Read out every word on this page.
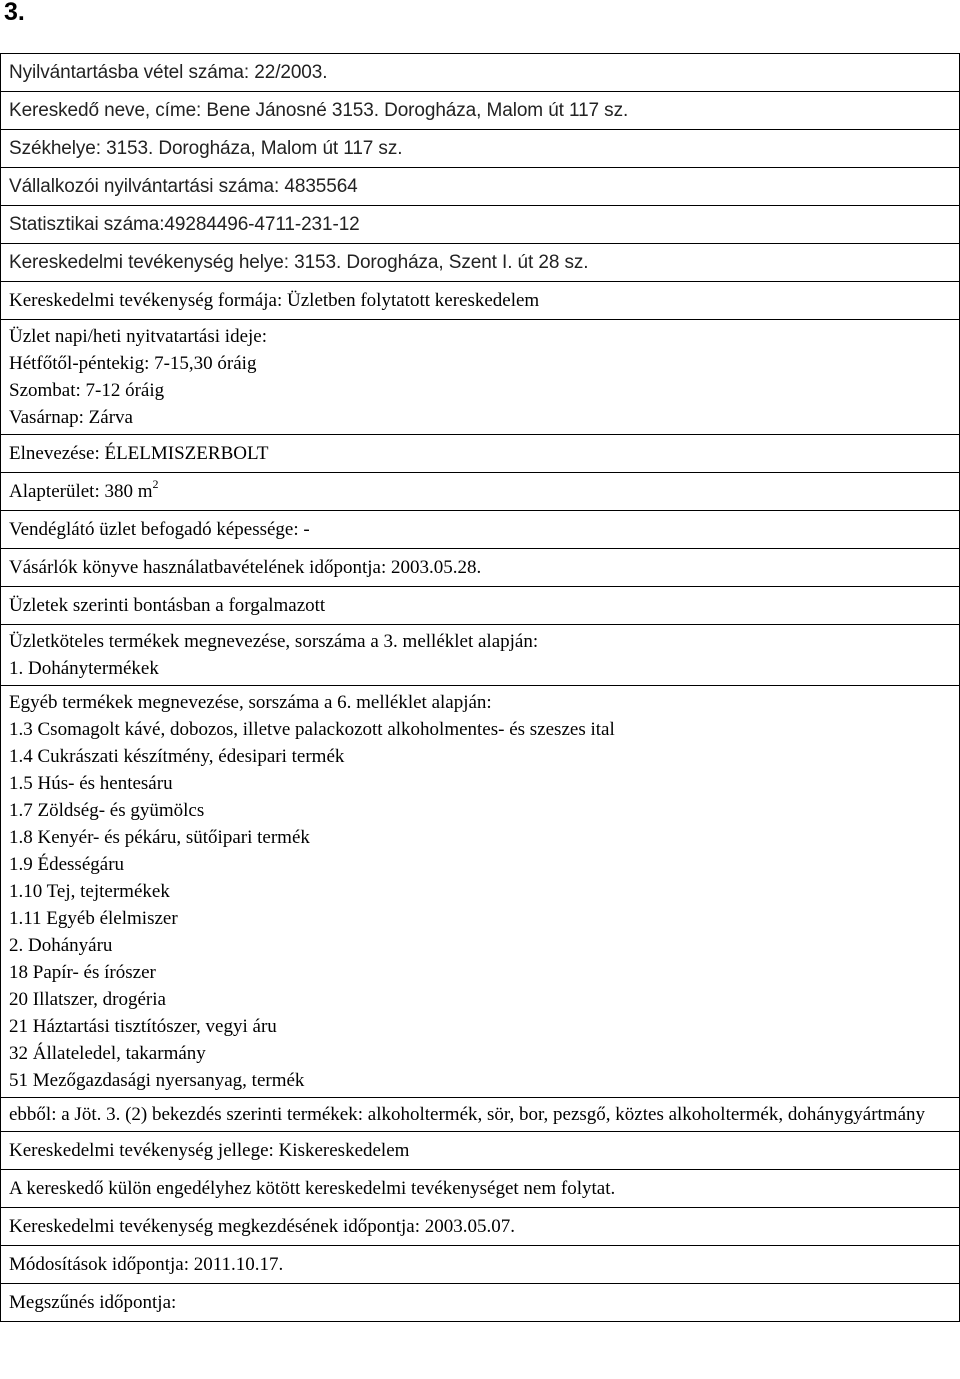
3.
Nyilvántartásba vétel száma: 22/2003.
Kereskedő neve, címe: Bene Jánosné 3153. Dorogháza, Malom út 117 sz.
Székhelye: 3153. Dorogháza, Malom út 117 sz.
Vállalkozói nyilvántartási száma: 4835564
Statisztikai száma:49284496-4711-231-12
Kereskedelmi tevékenység helye: 3153. Dorogháza, Szent I. út 28 sz.
Kereskedelmi tevékenység formája: Üzletben folytatott kereskedelem

Üzlet napi/heti nyitvatartási ideje:
Hétfőtől-péntekig: 7-15,30 óráig
Szombat: 7-12 óráig
Vasárnap: Zárva

Elnevezése: ÉLELMISZERBOLT
Alapterület: 380 $m^2$
Vendéglátó üzlet befogadó képessége: -
Vásárlók könyve használatbavételének időpontja: 2003.05.28.
Üzletek szerinti bontásban a forgalmazott

Üzletköteles termékek megnevezése, sorszáma a 3. melléklet alapján:
1. Dohánytermékek

Egyéb termékek megnevezése, sorszáma a 6. melléklet alapján:
1.3 Csomagolt kávé, dobozos, illetve palackozott alkoholmentes- és szeszes ital
1.4 Cukrászati készítmény, édesipari termék
1.5 Hús- és hentesáru
1.7 Zöldség- és gyümölcs
1.8 Kenyér- és pékáru, sütőipari termék
1.9 Édességáru
1.10 Tej, tejtermékek
1.11 Egyéb élelmiszer
2. Dohányáru
18 Papír- és írószer
20 Illatszer, drogéria
21 Háztartási tisztítószer, vegyi áru
32 Állateledel, takarmány
51 Mezőgazdasági nyersanyag, termék

ebből: a Jöt. 3. (2) bekezdés szerinti termékek: alkoholtermék, sör, bor, pezsgő, köztes alkoholtermék, dohánygyártmány

Kereskedelmi tevékenység jellege: Kiskereskedelem
A kereskedő külön engedélyhez kötött kereskedelmi tevékenységet nem folytat.
Kereskedelmi tevékenység megkezdésének időpontja: 2003.05.07.
Módosítások időpontja: 2011.10.17.
Megszűnés időpontja:
